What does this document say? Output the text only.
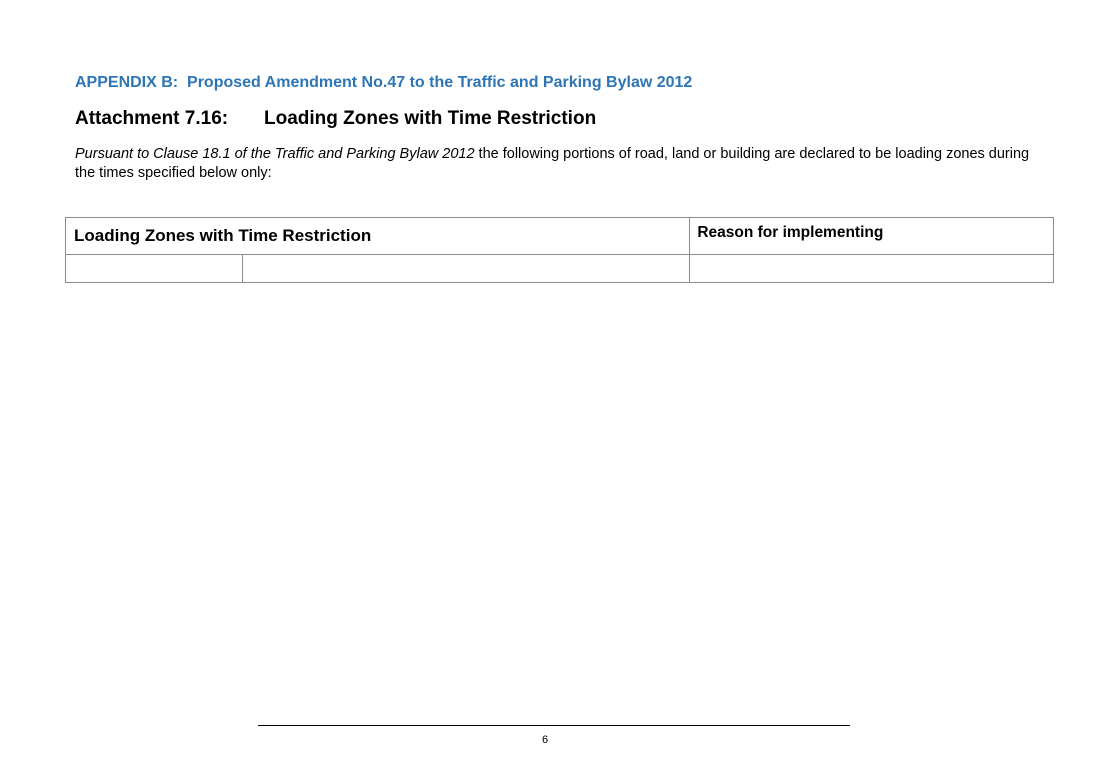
APPENDIX B:  Proposed Amendment No.47 to the Traffic and Parking Bylaw 2012
Attachment 7.16: Loading Zones with Time Restriction
Pursuant to Clause 18.1 of the Traffic and Parking Bylaw 2012 the following portions of road, land or building are declared to be loading zones during the times specified below only:
Loading Zones with Time Restriction		Reason for implementing

6
